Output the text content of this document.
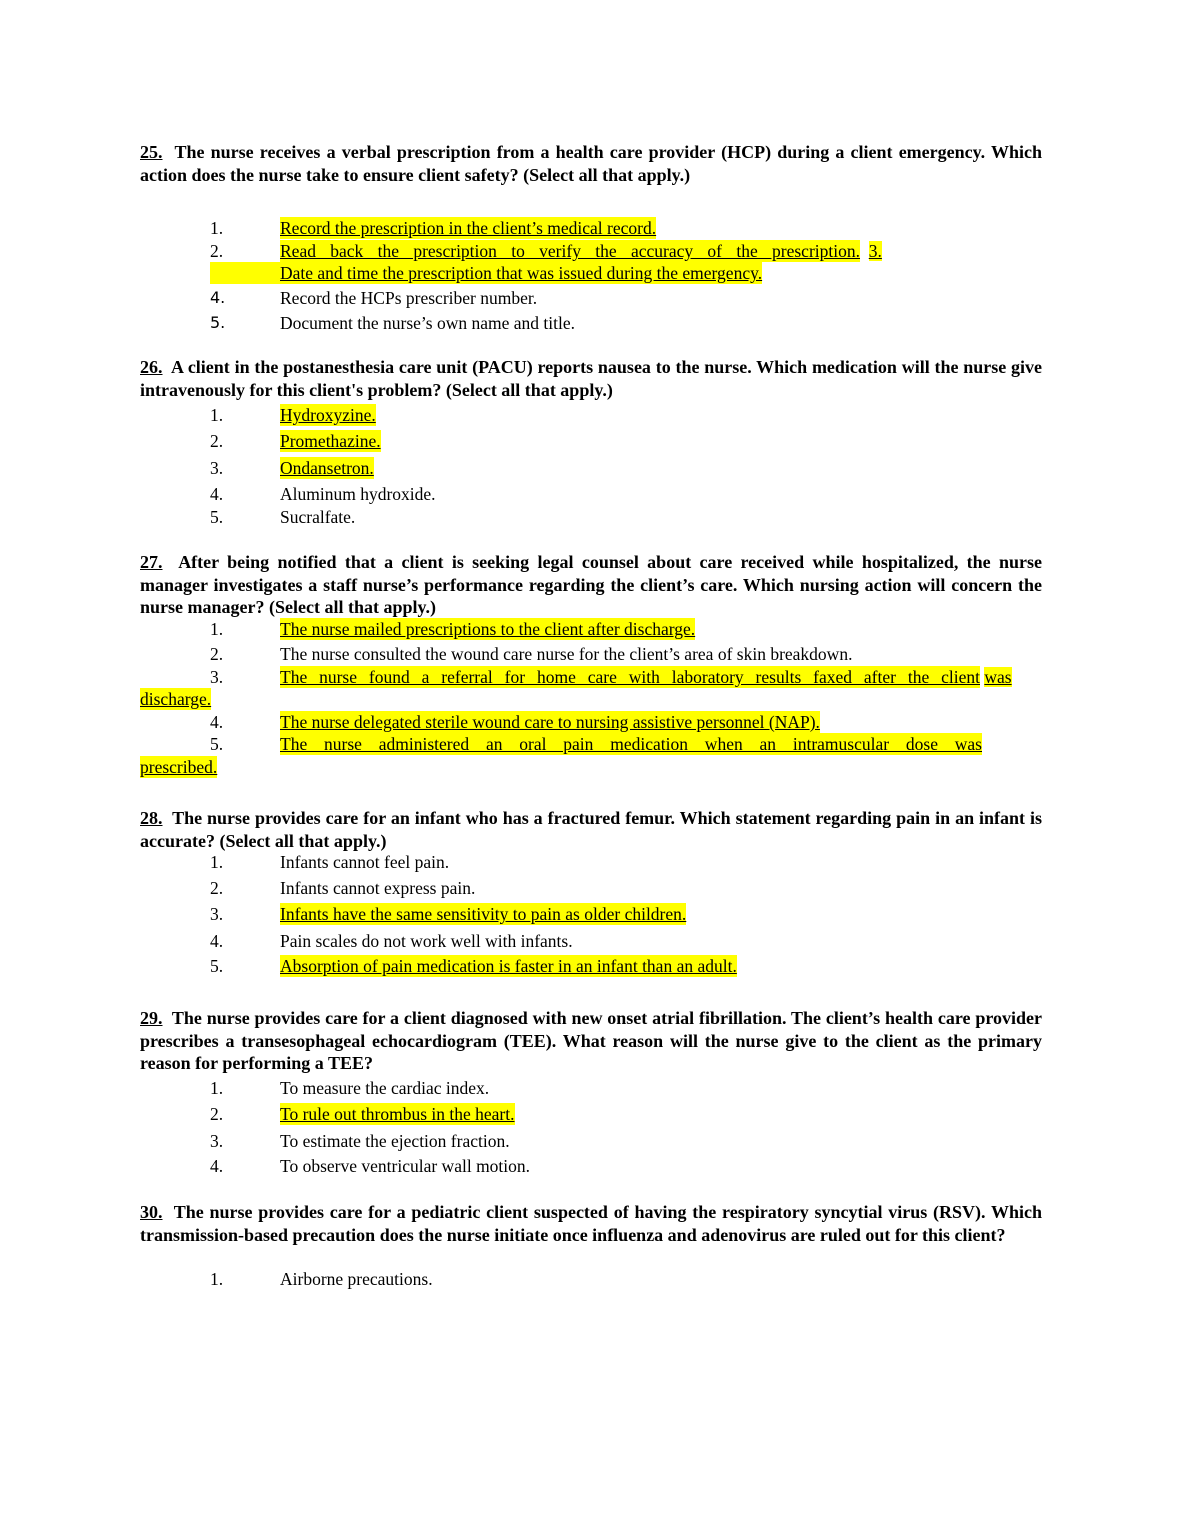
25. The nurse receives a verbal prescription from a health care provider (HCP) during a client emergency. Which action does the nurse take to ensure client safety? (Select all that apply.)
1.	Record the prescription in the client’s medical record.
2.	Read back the prescription to verify the accuracy of the prescription. 3.
Date and time the prescription that was issued during the emergency.
4.	Record the HCPs prescriber number.
5.	Document the nurse’s own name and title.
26. A client in the postanesthesia care unit (PACU) reports nausea to the nurse. Which medication will the nurse give intravenously for this client's problem? (Select all that apply.)
1.	Hydroxyzine.
2.	Promethazine.
3.	Ondansetron.
4.	Aluminum hydroxide.
5.	Sucralfate.
27. After being notified that a client is seeking legal counsel about care received while hospitalized, the nurse manager investigates a staff nurse’s performance regarding the client’s care. Which nursing action will concern the nurse manager? (Select all that apply.)
1.	The nurse mailed prescriptions to the client after discharge.
2.	The nurse consulted the wound care nurse for the client’s area of skin breakdown.
3.	The nurse found a referral for home care with laboratory results faxed after the client was
discharge.
4.	The nurse delegated sterile wound care to nursing assistive personnel (NAP).
5.	The nurse administered an oral pain medication when an intramuscular dose was
prescribed.
28. The nurse provides care for an infant who has a fractured femur. Which statement regarding pain in an infant is accurate? (Select all that apply.)
1.	Infants cannot feel pain.
2.	Infants cannot express pain.
3.	Infants have the same sensitivity to pain as older children.
4.	Pain scales do not work well with infants.
5.	Absorption of pain medication is faster in an infant than an adult.
29. The nurse provides care for a client diagnosed with new onset atrial fibrillation. The client’s health care provider prescribes a transesophageal echocardiogram (TEE). What reason will the nurse give to the client as the primary reason for performing a TEE?
1.	To measure the cardiac index.
2.	To rule out thrombus in the heart.
3.	To estimate the ejection fraction.
4.	To observe ventricular wall motion.
30. The nurse provides care for a pediatric client suspected of having the respiratory syncytial virus (RSV). Which transmission-based precaution does the nurse initiate once influenza and adenovirus are ruled out for this client?
1.	Airborne precautions.
